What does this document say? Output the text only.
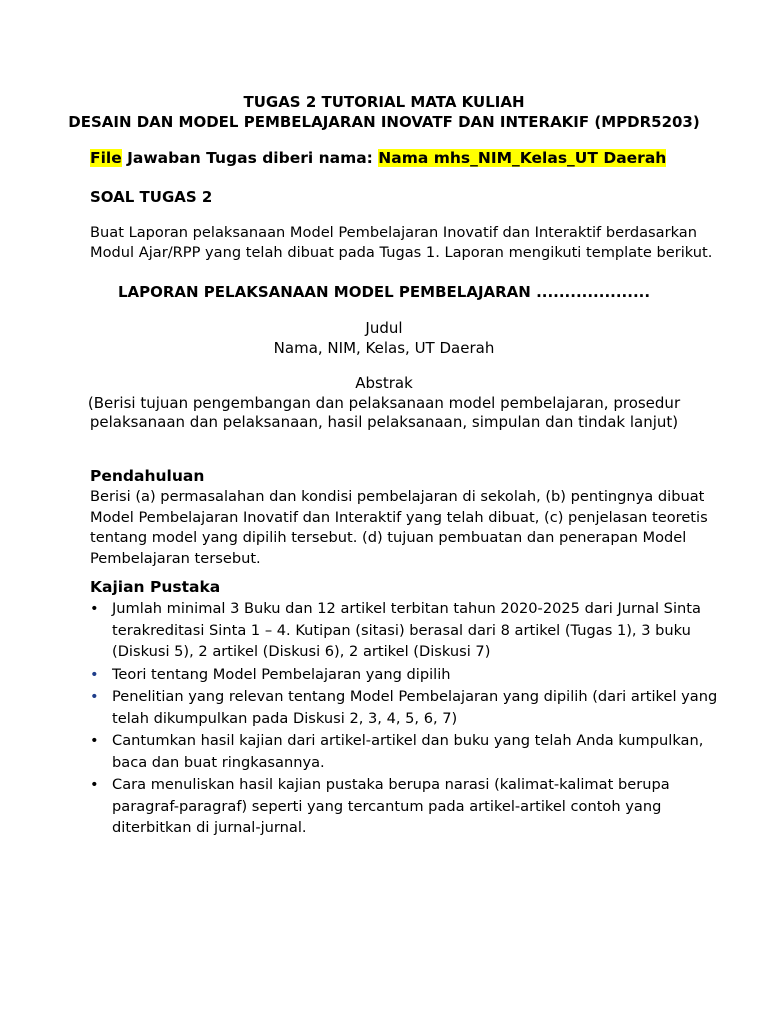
TUGAS 2 TUTORIAL MATA KULIAH
DESAIN DAN MODEL PEMBELAJARAN INOVATF DAN INTERAKIF (MPDR5203)
File Jawaban Tugas diberi nama: Nama mhs_NIM_Kelas_UT Daerah
SOAL TUGAS 2
Buat Laporan pelaksanaan Model Pembelajaran Inovatif dan Interaktif berdasarkan
Modul Ajar/RPP yang telah dibuat pada Tugas 1. Laporan mengikuti template berikut.
LAPORAN PELAKSANAAN MODEL PEMBELAJARAN ....................
Judul
Nama, NIM, Kelas, UT Daerah
Abstrak
(Berisi tujuan pengembangan dan pelaksanaan model pembelajaran, prosedur
pelaksanaan dan pelaksanaan, hasil pelaksanaan, simpulan dan tindak lanjut)
Pendahuluan
Berisi (a) permasalahan dan kondisi pembelajaran di sekolah, (b) pentingnya dibuat
Model Pembelajaran Inovatif dan Interaktif yang telah dibuat, (c) penjelasan teoretis
tentang model yang dipilih tersebut. (d) tujuan pembuatan dan penerapan Model
Pembelajaran tersebut.
Kajian Pustaka
• Jumlah minimal 3 Buku dan 12 artikel terbitan tahun 2020-2025 dari Jurnal Sinta
terakreditasi Sinta 1 – 4. Kutipan (sitasi) berasal dari 8 artikel (Tugas 1), 3 buku
(Diskusi 5), 2 artikel (Diskusi 6), 2 artikel (Diskusi 7)
• Teori tentang Model Pembelajaran yang dipilih
• Penelitian yang relevan tentang Model Pembelajaran yang dipilih (dari artikel yang
telah dikumpulkan pada Diskusi 2, 3, 4, 5, 6, 7)
• Cantumkan hasil kajian dari artikel-artikel dan buku yang telah Anda kumpulkan,
baca dan buat ringkasannya.
• Cara menuliskan hasil kajian pustaka berupa narasi (kalimat-kalimat berupa
paragraf-paragraf) seperti yang tercantum pada artikel-artikel contoh yang
diterbitkan di jurnal-jurnal.
